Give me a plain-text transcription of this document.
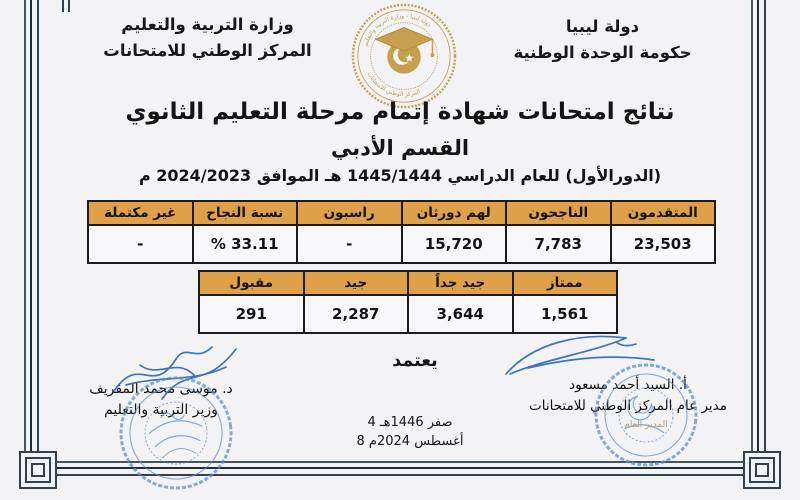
وزارة التربية والتعليم
المركز الوطني للامتحانات
دولة ليبيا
حكومة الوحدة الوطنية
دولة ليبيا - وزارة التربية والتعليم
المركز الوطني للامتحانات
نتائج امتحانات شهادة إتمام مرحلة التعليم الثانوي
القسم الأدبي
(الدورالأول) للعام الدراسي 1445/1444 هـ الموافق 2024/2023 م
المتقدمون	الناجحون	لهم دورثان	راسبون	نسبة النجاح	غير مكتملة
23,503	7,783	15,720	-	% 33.11	-
ممتاز	جيد جداً	جيد	مقبول
1,561	3,644	2,287	291
يعتمد
د. موسى محمد المقريف
وزير التربية والتعليم
أ. السيد أحمد مسعود
مدير عام المركز الوطني للامتحانات
المدير العام
4 صفر 1446هـ
8 أغسطس 2024م
